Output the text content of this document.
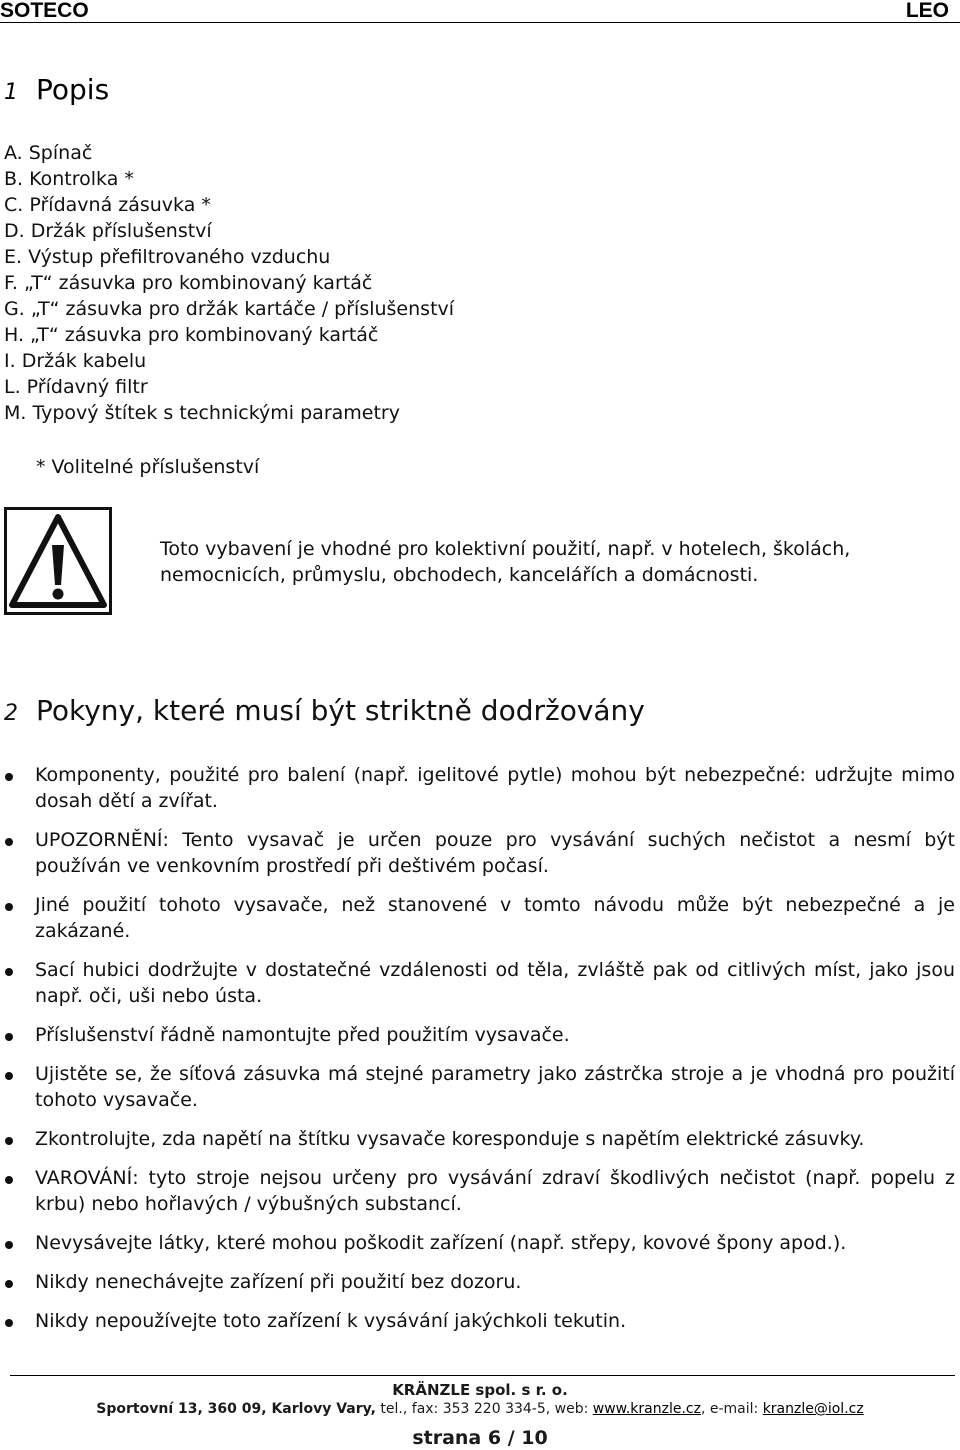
SOTECO	LEO
1 Popis
A. Spínač
B. Kontrolka *
C. Přídavná zásuvka *
D. Držák příslušenství
E. Výstup přefiltrovaného vzduchu
F. „T“ zásuvka pro kombinovaný kartáč
G. „T“ zásuvka pro držák kartáče / příslušenství
H. „T“ zásuvka pro kombinovaný kartáč
I. Držák kabelu
L. Přídavný filtr
M. Typový štítek s technickými parametry
* Volitelné příslušenství
Toto vybavení je vhodné pro kolektivní použití, např. v hotelech, školách, nemocnicích, průmyslu, obchodech, kancelářích a domácnosti.
2 Pokyny, které musí být striktně dodržovány
Komponenty, použité pro balení (např. igelitové pytle) mohou být nebezpečné: udržujte mimo dosah dětí a zvířat.
UPOZORNĚNÍ: Tento vysavač je určen pouze pro vysávání suchých nečistot a nesmí být používán ve venkovním prostředí při deštivém počasí.
Jiné použití tohoto vysavače, než stanovené v tomto návodu může být nebezpečné a je zakázané.
Sací hubici dodržujte v dostatečné vzdálenosti od těla, zvláště pak od citlivých míst, jako jsou např. oči, uši nebo ústa.
Příslušenství řádně namontujte před použitím vysavače.
Ujistěte se, že síťová zásuvka má stejné parametry jako zástrčka stroje a je vhodná pro použití tohoto vysavače.
Zkontrolujte, zda napětí na štítku vysavače koresponduje s napětím elektrické zásuvky.
VAROVÁNÍ: tyto stroje nejsou určeny pro vysávání zdraví škodlivých nečistot (např. popelu z krbu) nebo hořlavých / výbušných substancí.
Nevysávejte látky, které mohou poškodit zařízení (např. střepy, kovové špony apod.).
Nikdy nenechávejte zařízení při použití bez dozoru.
Nikdy nepoužívejte toto zařízení k vysávání jakýchkoli tekutin.
KRÄNZLE spol. s r. o.
Sportovní 13, 360 09, Karlovy Vary, tel., fax: 353 220 334-5, web: www.kranzle.cz, e-mail: kranzle@iol.cz
strana 6 / 10
